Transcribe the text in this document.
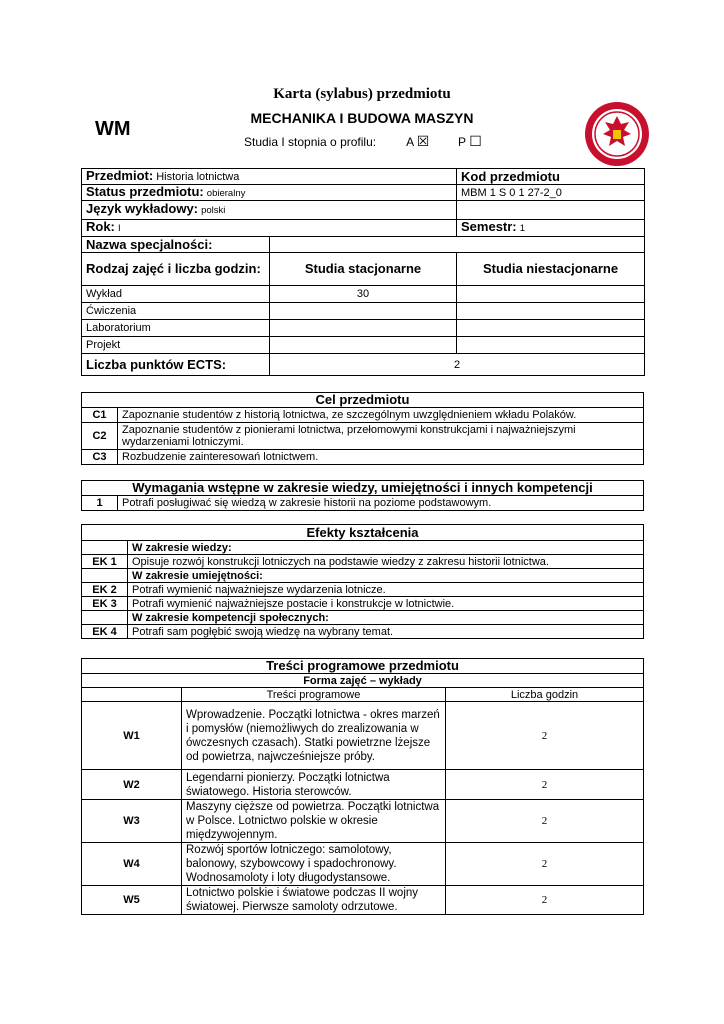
WM
Karta (sylabus) przedmiotu
MECHANIKA I BUDOWA MASZYN
Studia I stopnia o profilu:	A ☒ P ☐
Przedmiot: Historia lotnictwa		Kod przedmiotu
Status przedmiotu: obieralny		MBM 1 S 0 1 27-2_0
Język wykładowy: polski		
Rok: I		Semestr: 1
Nazwa specjalności:		
Rodzaj zajęć i liczba godzin:	Studia stacjonarne	Studia niestacjonarne
Wykład	30	
Ćwiczenia		
Laboratorium		
Projekt		
Liczba punktów ECTS:	2	
Cel przedmiotu	
C1	Zapoznanie studentów z historią lotnictwa, ze szczególnym uwzględnieniem wkładu Polaków.
C2	Zapoznanie studentów z pionierami lotnictwa, przełomowymi konstrukcjami i najważniejszymi wydarzeniami lotniczymi.
C3	Rozbudzenie zainteresowań lotnictwem.
Wymagania wstępne w zakresie wiedzy, umiejętności i innych kompetencji
1	Potrafi posługiwać się wiedzą w zakresie historii na poziome podstawowym.
Efekty kształcenia	
	W zakresie wiedzy:
EK 1	Opisuje rozwój konstrukcji lotniczych na podstawie wiedzy z zakresu historii lotnictwa.
	W zakresie umiejętności:
EK 2	Potrafi wymienić najważniejsze wydarzenia lotnicze.
EK 3	Potrafi wymienić najważniejsze postacie i konstrukcje w lotnictwie.
	W zakresie kompetencji społecznych:
EK 4	Potrafi sam pogłębić swoją wiedzę na wybrany temat.
Treści programowe przedmiotu		
Forma zajęć – wykłady		
	Treści programowe	Liczba godzin
W1	Wprowadzenie. Początki lotnictwa - okres marzeń i pomysłów (niemożliwych do zrealizowania w ówczesnych czasach). Statki powietrzne lżejsze od powietrza, najwcześniejsze próby.	2
W2	Legendarni pionierzy. Początki lotnictwa światowego. Historia sterowców.	2
W3	Maszyny cięższe od powietrza. Początki lotnictwa w Polsce. Lotnictwo polskie w okresie międzywojennym.	2
W4	Rozwój sportów lotniczego: samolotowy, balonowy, szybowcowy i spadochronowy. Wodnosamoloty i loty długodystansowe.	2
W5	Lotnictwo polskie i światowe podczas II wojny światowej. Pierwsze samoloty odrzutowe.	2
